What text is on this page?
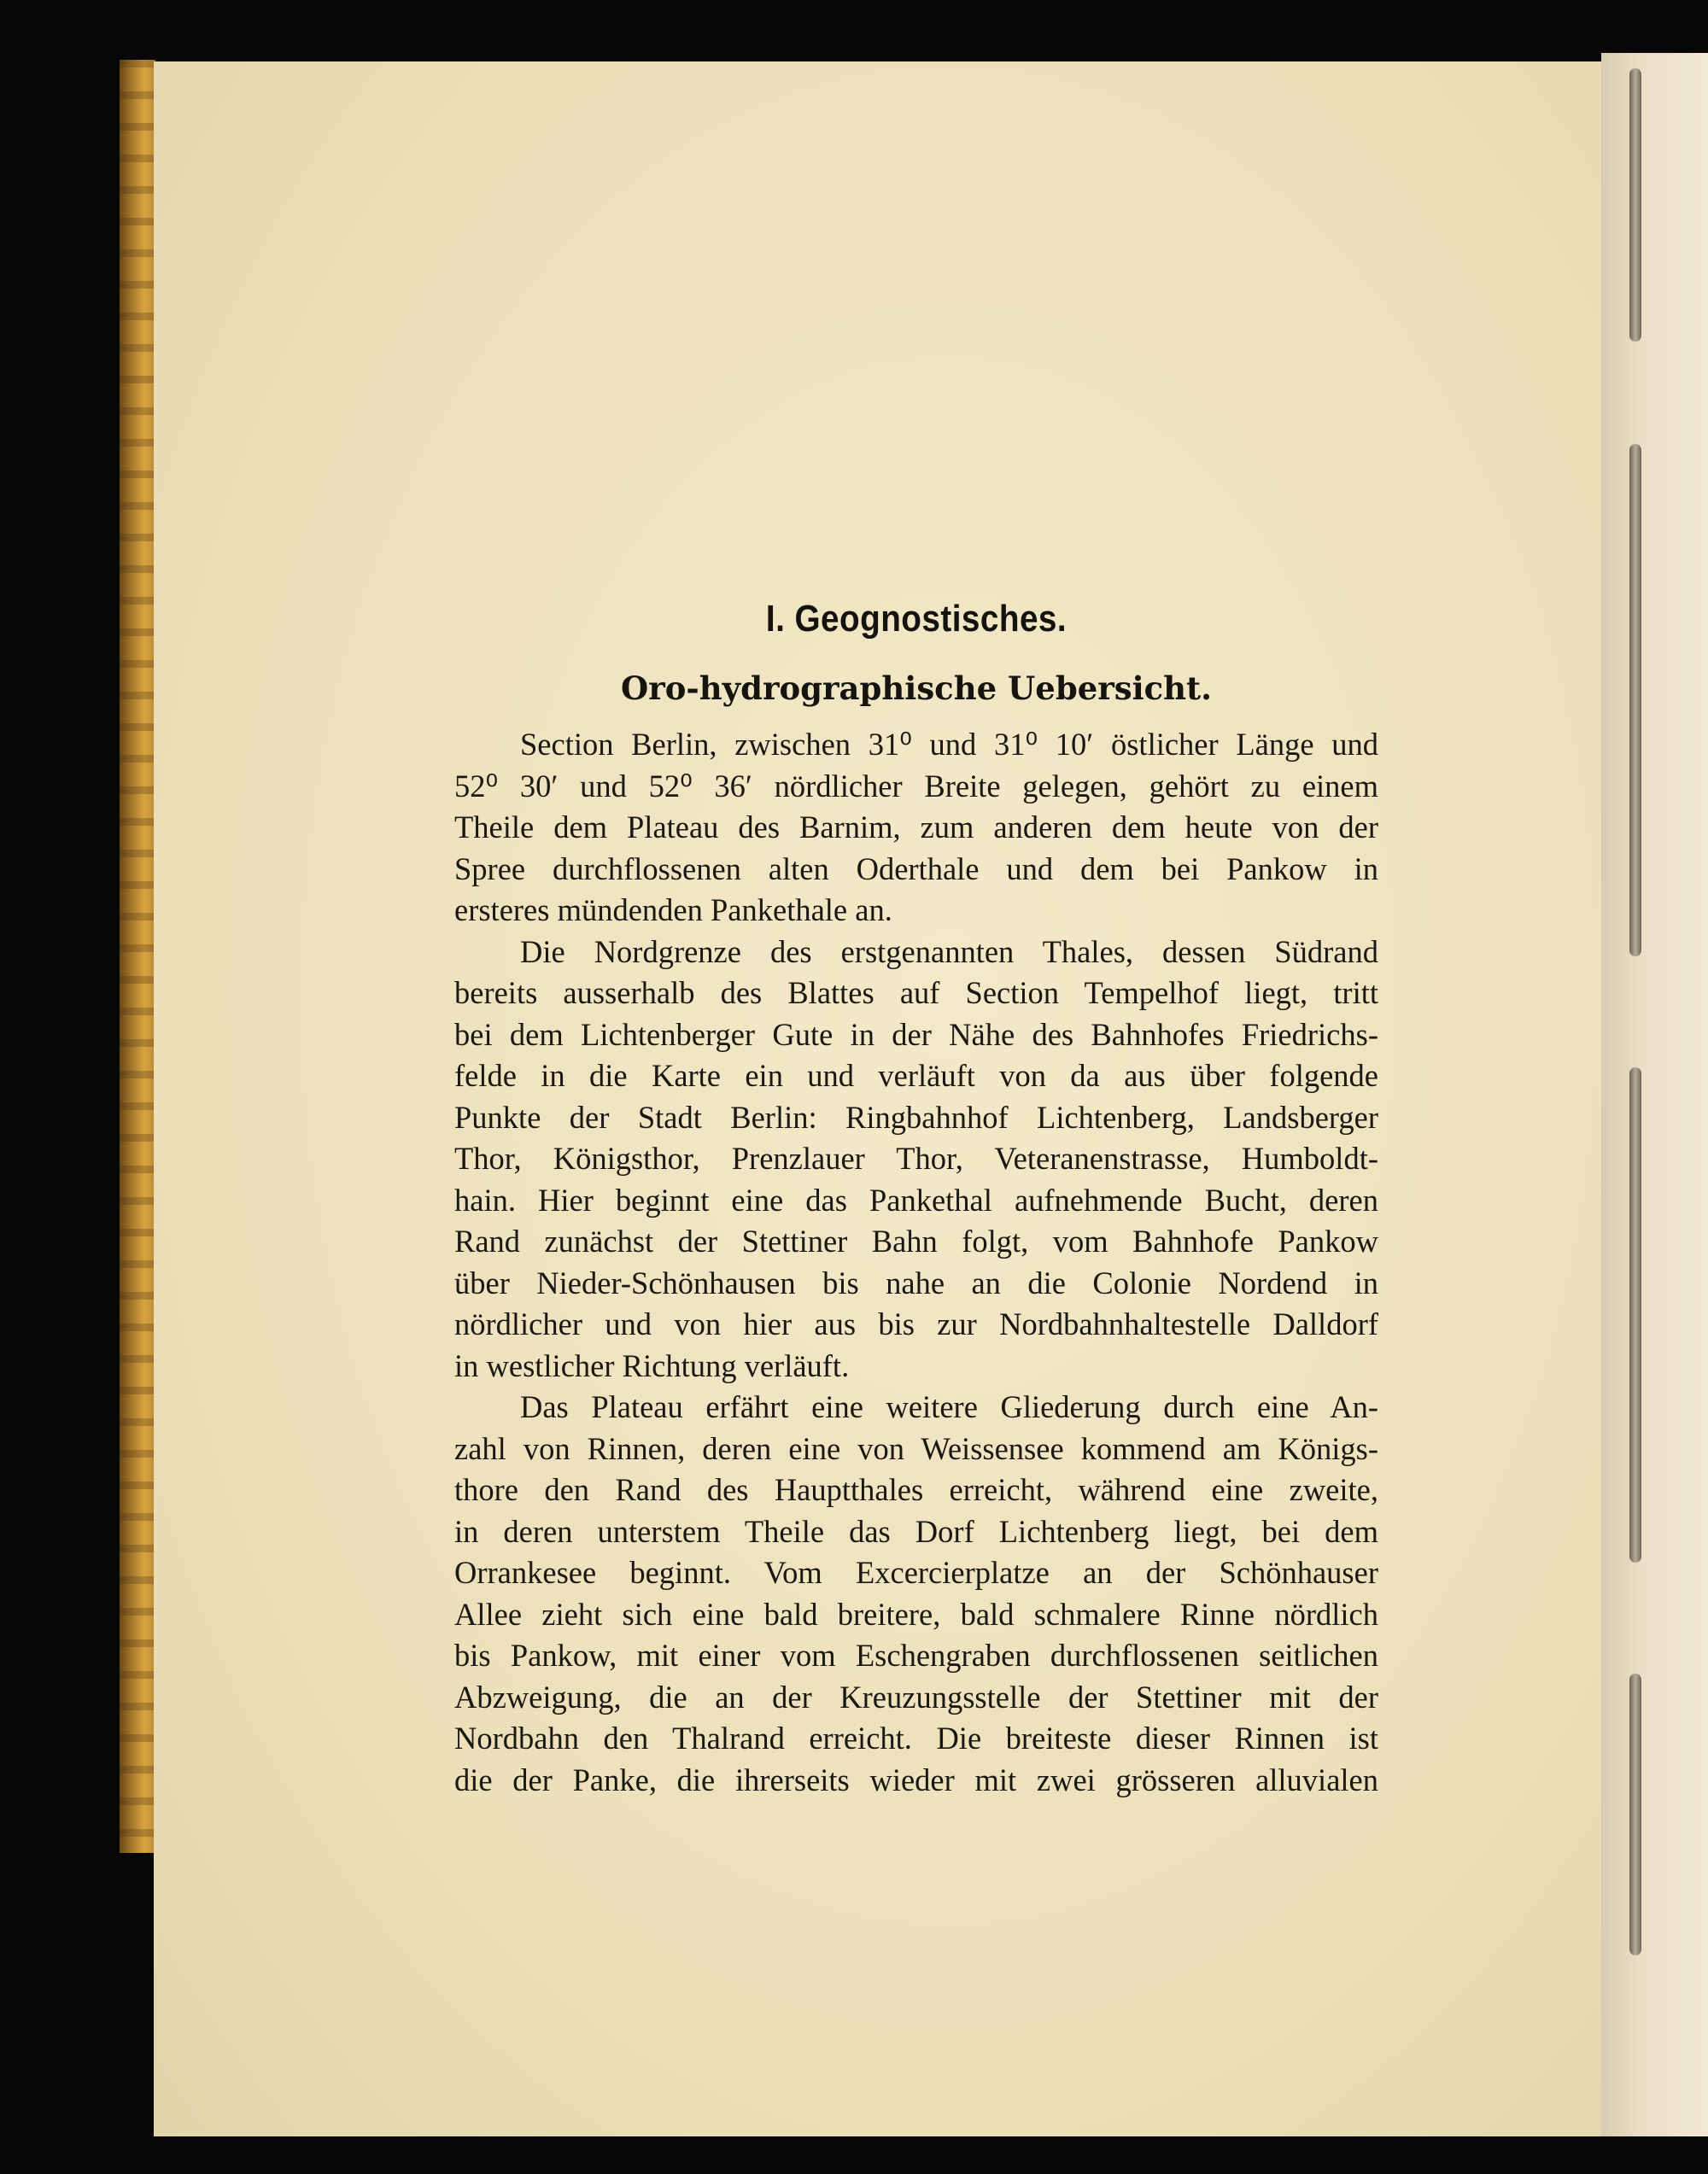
I. Geognostisches.
Oro-hydrographische Uebersicht.
Section Berlin, zwischen 31⁰ und 31⁰ 10′ östlicher Länge und
52⁰ 30′ und 52⁰ 36′ nördlicher Breite gelegen, gehört zu einem
Theile dem Plateau des Barnim, zum anderen dem heute von der
Spree durchflossenen alten Oderthale und dem bei Pankow in
ersteres mündenden Pankethale an.
Die Nordgrenze des erstgenannten Thales, dessen Südrand
bereits ausserhalb des Blattes auf Section Tempelhof liegt, tritt
bei dem Lichtenberger Gute in der Nähe des Bahnhofes Friedrichs-
felde in die Karte ein und verläuft von da aus über folgende
Punkte der Stadt Berlin: Ringbahnhof Lichtenberg, Landsberger
Thor, Königsthor, Prenzlauer Thor, Veteranenstrasse, Humboldt-
hain. Hier beginnt eine das Pankethal aufnehmende Bucht, deren
Rand zunächst der Stettiner Bahn folgt, vom Bahnhofe Pankow
über Nieder-Schönhausen bis nahe an die Colonie Nordend in
nördlicher und von hier aus bis zur Nordbahnhaltestelle Dalldorf
in westlicher Richtung verläuft.
Das Plateau erfährt eine weitere Gliederung durch eine An-
zahl von Rinnen, deren eine von Weissensee kommend am Königs-
thore den Rand des Hauptthales erreicht, während eine zweite,
in deren unterstem Theile das Dorf Lichtenberg liegt, bei dem
Orrankesee beginnt. Vom Excercierplatze an der Schönhauser
Allee zieht sich eine bald breitere, bald schmalere Rinne nördlich
bis Pankow, mit einer vom Eschengraben durchflossenen seitlichen
Abzweigung, die an der Kreuzungsstelle der Stettiner mit der
Nordbahn den Thalrand erreicht. Die breiteste dieser Rinnen ist
die der Panke, die ihrerseits wieder mit zwei grösseren alluvialen
